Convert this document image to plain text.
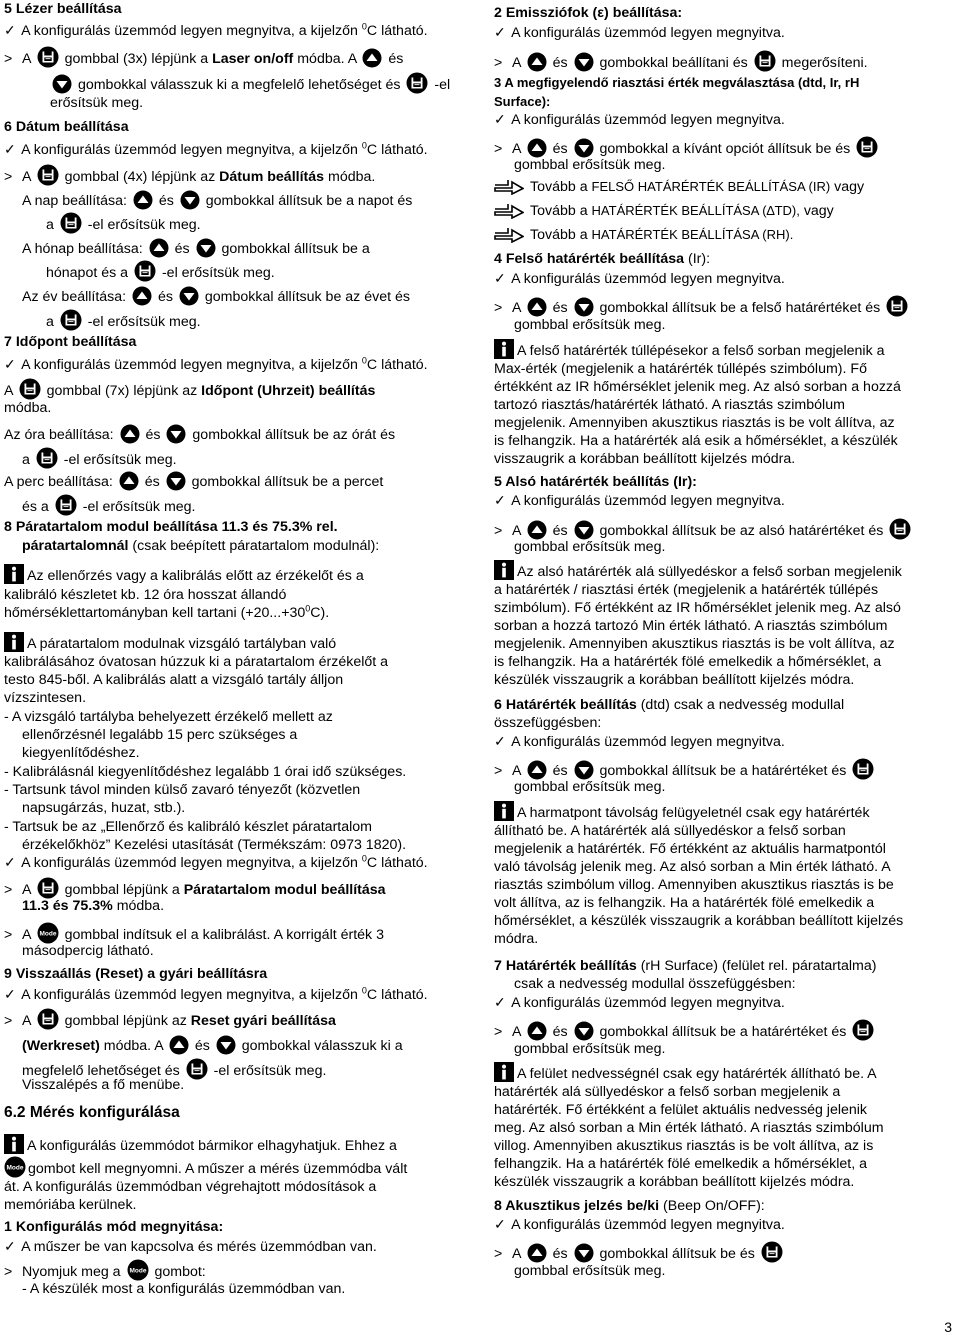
5 Lézer beállítása
✓ A konfigurálás üzemmód legyen megnyitva, a kijelzőn $^0$C látható.
> A gombbal (3x) lépjünk a Laser on/off módba. A és
gombokkal válasszuk ki a megfelelő lehetőséget és -el
erősítsük meg.
6 Dátum beállítása
✓ A konfigurálás üzemmód legyen megnyitva, a kijelzőn $^0$C látható.
> A gombbal (4x) lépjünk az Dátum beállítás módba.
A nap beállítása: és gombokkal állítsuk be a napot és
a -el erősítsük meg.
A hónap beállítása: és gombokkal állítsuk be a
hónapot és a -el erősítsük meg.
Az év beállítása: és gombokkal állítsuk be az évet és
a -el erősítsük meg.
7 Időpont beállítása
✓ A konfigurálás üzemmód legyen megnyitva, a kijelzőn $^0$C látható.
A gombbal (7x) lépjünk az Időpont (Uhrzeit) beállítás
módba.
Az óra beállítása: és gombokkal állítsuk be az órát és
a -el erősítsük meg.
A perc beállítása: és gombokkal állítsuk be a percet
és a -el erősítsük meg.
8 Páratartalom modul beállítása 11.3 és 75.3% rel.
páratartalomnál (csak beépített páratartalom modulnál):
Az ellenőrzés vagy a kalibrálás előtt az érzékelőt és a
kalibráló készletet kb. 12 óra hosszat állandó
hőmérséklettartományban kell tartani $(+20...+30^0C)$.
A páratartalom modulnak vizsgáló tartályban való
kalibrálásához óvatosan húzzuk ki a páratartalom érzékelőt a
testo 845-ből. A kalibrálás alatt a vizsgáló tartály álljon
vízszintesen.
- A vizsgáló tartályba behelyezett érzékelő mellett az
ellenőrzésnél legalább 15 perc szükséges a
kiegyenlítődéshez.
- Kalibrálásnál kiegyenlítődéshez legalább 1 órai idő szükséges.
- Tartsunk távol minden külső zavaró tényezőt (közvetlen
napsugárzás, huzat, stb.).
- Tartsuk be az „Ellenőrző és kalibráló készlet páratartalom
érzékelőkhöz” Kezelési utasítását (Termékszám: 0973 1820).
✓ A konfigurálás üzemmód legyen megnyitva, a kijelzőn $^0$C látható.
> A gombbal lépjünk a Páratartalom modul beállítása
11.3 és 75.3% módba.
> A Mode gombbal indítsuk el a kalibrálást. A korrigált érték 3
másodpercig látható.
9 Visszaállás (Reset) a gyári beállításra
✓ A konfigurálás üzemmód legyen megnyitva, a kijelzőn $^0$C látható.
> A gombbal lépjünk az Reset gyári beállítása
(Werkreset) módba. A és gombokkal válasszuk ki a
megfelelő lehetőséget és -el erősítsük meg.
Visszalépés a fő menübe.
6.2 Mérés konfigurálása
A konfigurálás üzemmódot bármikor elhagyhatjuk. Ehhez a
Mode gombot kell megnyomni. A műszer a mérés üzemmódba vált
át. A konfigurálás üzemmódban végrehajtott módosítások a
memóriába kerülnek.
1 Konfigurálás mód megnyitása:
✓ A műszer be van kapcsolva és mérés üzemmódban van.
> Nyomjuk meg a Mode gombot:
- A készülék most a konfigurálás üzemmódban van.
2 Emissziófok (ε) beállítása:
✓ A konfigurálás üzemmód legyen megnyitva.
> A és gombokkal beállítani és megerősíteni.
3 A megfigyelendő riasztási érték megválasztása (dtd, Ir, rH
Surface):
✓ A konfigurálás üzemmód legyen megnyitva.
> A és gombokkal a kívánt opciót állítsuk be és
gombbal erősítsük meg.
Tovább a FELSŐ HATÁRÉRTÉK BEÁLLÍTÁSA (IR) vagy
Tovább a HATÁRÉRTÉK BEÁLLÍTÁSA (∆TD), vagy
Tovább a HATÁRÉRTÉK BEÁLLÍTÁSA (RH).
4 Felső határérték beállítása (Ir):
✓ A konfigurálás üzemmód legyen megnyitva.
> A és gombokkal állítsuk be a felső határértéket és
gombbal erősítsük meg.
A felső határérték túllépésekor a felső sorban megjelenik a
Max-érték (megjelenik a határérték túllépés szimbólum). Fő
értékként az IR hőmérséklet jelenik meg. Az alsó sorban a hozzá
tartozó riasztás/határérték látható. A riasztás szimbólum
megjelenik. Amennyiben akusztikus riasztás is be volt állítva, az
is felhangzik. Ha a határérték alá esik a hőmérséklet, a készülék
visszaugrik a korábban beállított kijelzés módra.
5 Alsó határérték beállítás (Ir):
✓ A konfigurálás üzemmód legyen megnyitva.
> A és gombokkal állítsuk be az alsó határértéket és
gombbal erősítsük meg.
Az alsó határérték alá süllyedéskor a felső sorban megjelenik
a határérték / riasztási érték (megjelenik a határérték túllépés
szimbólum). Fő értékként az IR hőmérséklet jelenik meg. Az alsó
sorban a hozzá tartozó Min érték látható. A riasztás szimbólum
megjelenik. Amennyiben akusztikus riasztás is be volt állítva, az
is felhangzik. Ha a határérték fölé emelkedik a hőmérséklet, a
készülék visszaugrik a korábban beállított kijelzés módra.
6 Határérték beállítás (dtd) csak a nedvesség modullal
összefüggésben:
✓ A konfigurálás üzemmód legyen megnyitva.
> A és gombokkal állítsuk be a határértéket és
gombbal erősítsük meg.
A harmatpont távolság felügyeletnél csak egy határérték
állítható be. A határérték alá süllyedéskor a felső sorban
megjelenik a határérték. Fő értékként az aktuális harmatpontól
való távolság jelenik meg. Az alsó sorban a Min érték látható. A
riasztás szimbólum villog. Amennyiben akusztikus riasztás is be
volt állítva, az is felhangzik. Ha a határérték fölé emelkedik a
hőmérséklet, a készülék visszaugrik a korábban beállított kijelzés
módra.
7 Határérték beállítás (rH Surface) (felület rel. páratartalma)
csak a nedvesség modullal összefüggésben:
✓ A konfigurálás üzemmód legyen megnyitva.
> A és gombokkal állítsuk be a határértéket és
gombbal erősítsük meg.
A felület nedvességnél csak egy határérték állítható be. A
határérték alá süllyedéskor a felső sorban megjelenik a
határérték. Fő értékként a felület aktuális nedvesség jelenik
meg. Az alsó sorban a Min érték látható. A riasztás szimbólum
villog. Amennyiben akusztikus riasztás is be volt állítva, az is
felhangzik. Ha a határérték fölé emelkedik a hőmérséklet, a
készülék visszaugrik a korábban beállított kijelzés módra.
8 Akusztikus jelzés be/ki (Beep On/OFF):
✓ A konfigurálás üzemmód legyen megnyitva.
> A és gombokkal állítsuk be és
gombbal erősítsük meg.
3
